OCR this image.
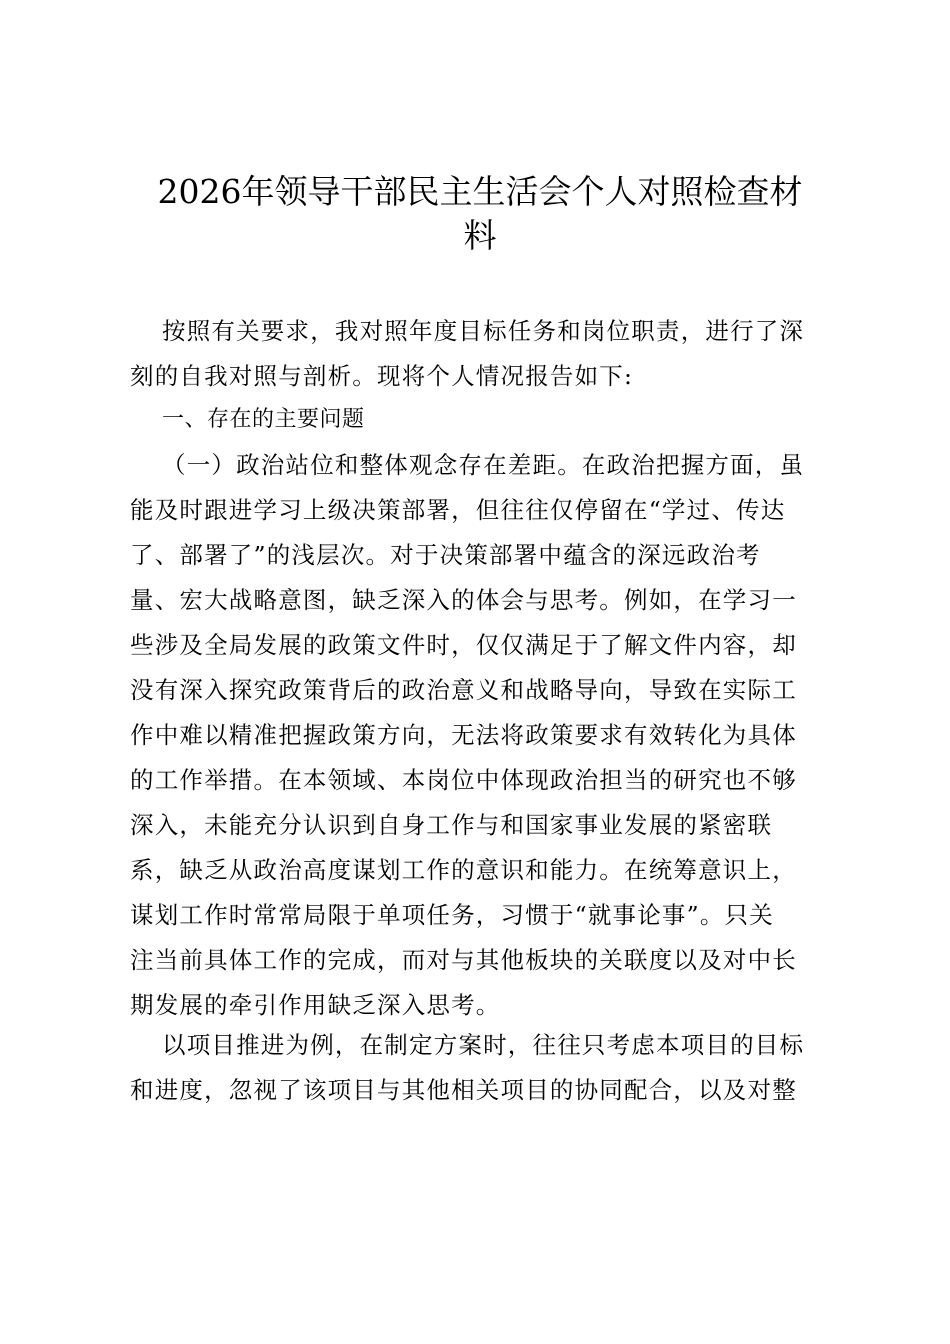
2026年领导干部民主生活会个人对照检查材
料
按照有关要求，我对照年度目标任务和岗位职责，进行了深
刻的自我对照与剖析。现将个人情况报告如下:
一、存在的主要问题
（一）政治站位和整体观念存在差距。在政治把握方面，虽
能及时跟进学习上级决策部署，但往往仅停留在“学过、传达
了、部署了”的浅层次。对于决策部署中蕴含的深远政治考
量、宏大战略意图，缺乏深入的体会与思考。例如，在学习一
些涉及全局发展的政策文件时，仅仅满足于了解文件内容，却
没有深入探究政策背后的政治意义和战略导向，导致在实际工
作中难以精准把握政策方向，无法将政策要求有效转化为具体
的工作举措。在本领域、本岗位中体现政治担当的研究也不够
深入，未能充分认识到自身工作与和国家事业发展的紧密联
系，缺乏从政治高度谋划工作的意识和能力。在统筹意识上，
谋划工作时常常局限于单项任务，习惯于“就事论事”。只关
注当前具体工作的完成，而对与其他板块的关联度以及对中长
期发展的牵引作用缺乏深入思考。
以项目推进为例，在制定方案时，往往只考虑本项目的目标
和进度，忽视了该项目与其他相关项目的协同配合，以及对整
